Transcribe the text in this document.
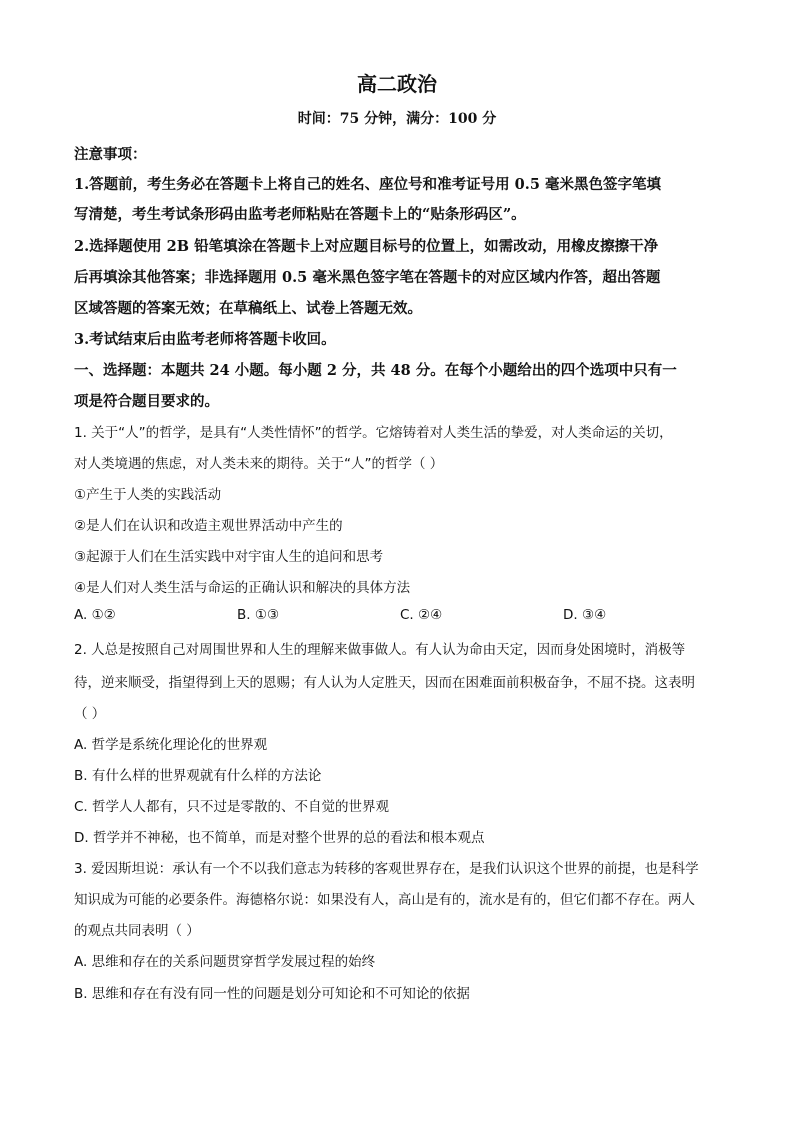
高二政治
时间：75 分钟，满分：100 分
注意事项：
1.答题前，考生务必在答题卡上将自己的姓名、座位号和准考证号用 0.5 毫米黑色签字笔填
写清楚，考生考试条形码由监考老师粘贴在答题卡上的“贴条形码区”。
2.选择题使用 2B 铅笔填涂在答题卡上对应题目标号的位置上，如需改动，用橡皮擦擦干净
后再填涂其他答案；非选择题用 0.5 毫米黑色签字笔在答题卡的对应区域内作答，超出答题
区域答题的答案无效；在草稿纸上、试卷上答题无效。
3.考试结束后由监考老师将答题卡收回。
一、选择题：本题共 24 小题。每小题 2 分，共 48 分。在每个小题给出的四个选项中只有一
项是符合题目要求的。
1. 关于“人”的哲学，是具有“人类性情怀”的哲学。它熔铸着对人类生活的挚爱，对人类命运的关切，
对人类境遇的焦虑，对人类未来的期待。关于“人”的哲学（ ）
①产生于人类的实践活动
②是人们在认识和改造主观世界活动中产生的
③起源于人们在生活实践中对宇宙人生的追问和思考
④是人们对人类生活与命运的正确认识和解决的具体方法
A. ①②	B. ①③	C. ②④	D. ③④
2. 人总是按照自己对周围世界和人生的理解来做事做人。有人认为命由天定，因而身处困境时，消极等
待，逆来顺受，指望得到上天的恩赐；有人认为人定胜天，因而在困难面前积极奋争，不屈不挠。这表明
（ ）
A. 哲学是系统化理论化的世界观
B. 有什么样的世界观就有什么样的方法论
C. 哲学人人都有，只不过是零散的、不自觉的世界观
D. 哲学并不神秘，也不简单，而是对整个世界的总的看法和根本观点
3. 爱因斯坦说：承认有一个不以我们意志为转移的客观世界存在，是我们认识这个世界的前提，也是科学
知识成为可能的必要条件。海德格尔说：如果没有人，高山是有的，流水是有的，但它们都不存在。两人
的观点共同表明（ ）
A. 思维和存在的关系问题贯穿哲学发展过程的始终
B. 思维和存在有没有同一性的问题是划分可知论和不可知论的依据
